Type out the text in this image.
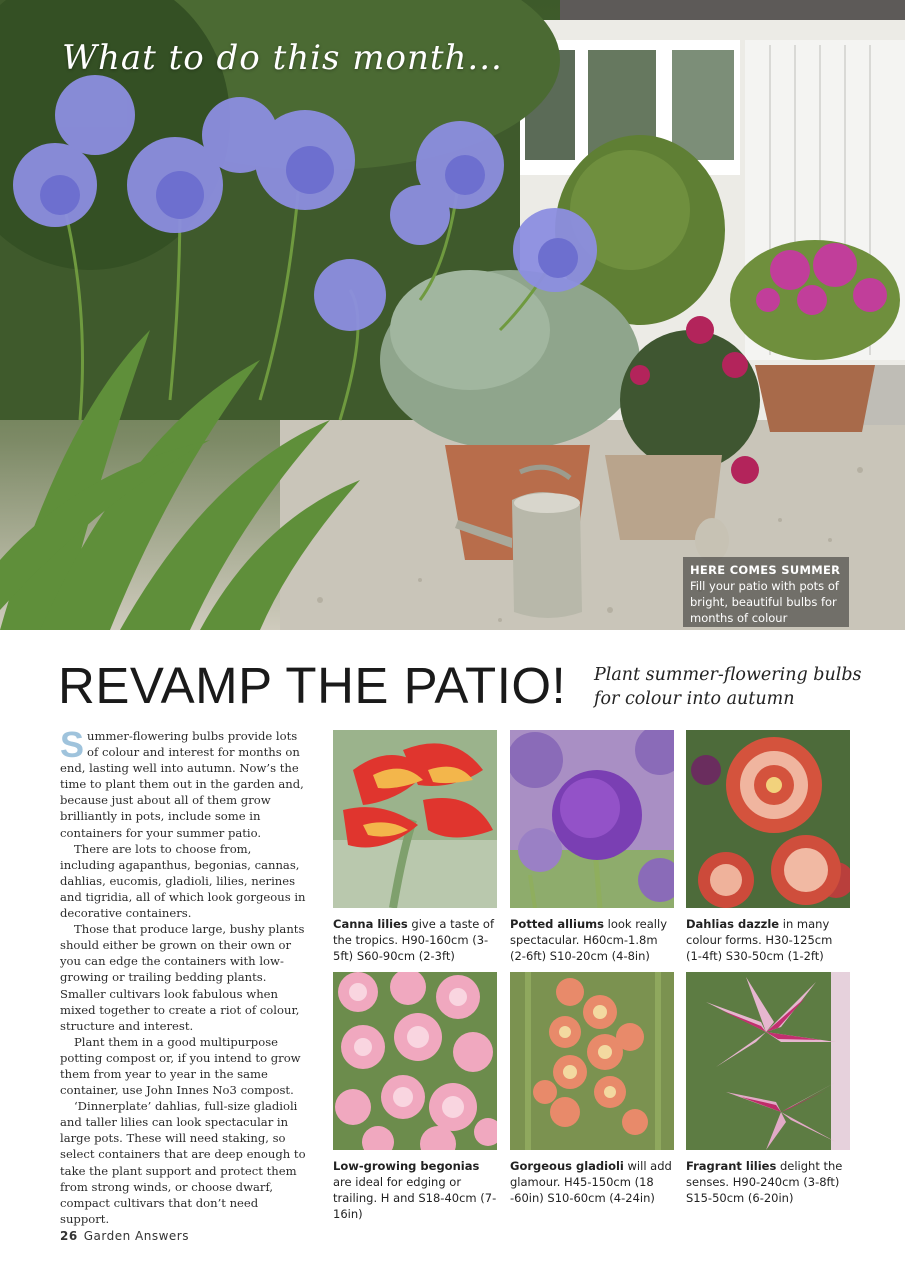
What to do this month...
HERE COMES SUMMER
Fill your patio with pots of bright, beautiful bulbs for months of colour
REVAMP THE PATIO! Plant summer-flowering bulbs for colour into autumn

Summer-flowering bulbs provide lots of colour and interest for months on end, lasting well into autumn. Now’s the time to plant them out in the garden and, because just about all of them grow brilliantly in pots, include some in containers for your summer patio.

There are lots to choose from, including agapanthus, begonias, cannas, dahlias, eucomis, gladioli, lilies, nerines and tigridia, all of which look gorgeous in decorative containers.

Those that produce large, bushy plants should either be grown on their own or you can edge the containers with low-growing or trailing bedding plants. Smaller cultivars look fabulous when mixed together to create a riot of colour, structure and interest.

Plant them in a good multipurpose potting compost or, if you intend to grow them from year to year in the same container, use John Innes No3 compost.

‘Dinnerplate’ dahlias, full-size gladioli and taller lilies can look spectacular in large pots. These will need staking, so select containers that are deep enough to take the plant support and protect them from strong winds, or choose dwarf, compact cultivars that don’t need support.

Canna lilies give a taste of the tropics. H90-160cm (3-5ft) S60-90cm (2-3ft)
Potted alliums look really spectacular. H60cm-1.8m (2-6ft) S10-20cm (4-8in)
Dahlias dazzle in many colour forms. H30-125cm (1-4ft) S30-50cm (1-2ft)
Low-growing begonias are ideal for edging or trailing. H and S18-40cm (7-16in)
Gorgeous gladioli will add glamour. H45-150cm (18 -60in) S10-60cm (4-24in)
Fragrant lilies delight the senses. H90-240cm (3-8ft) S15-50cm (6-20in)
26 Garden Answers
